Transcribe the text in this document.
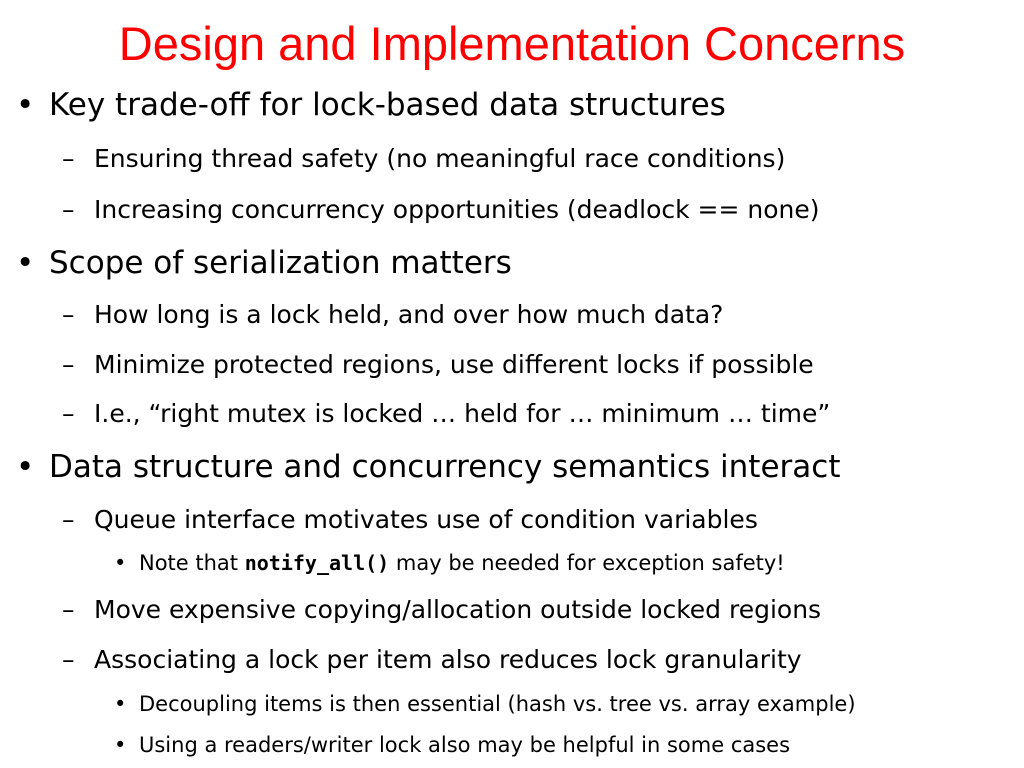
Design and Implementation Concerns
• Key trade-off for lock-based data structures
– Ensuring thread safety (no meaningful race conditions)
– Increasing concurrency opportunities (deadlock == none)
• Scope of serialization matters
– How long is a lock held, and over how much data?
– Minimize protected regions, use different locks if possible
– I.e., “right mutex is locked … held for … minimum … time”
• Data structure and concurrency semantics interact
– Queue interface motivates use of condition variables
• Note that notify_all() may be needed for exception safety!
– Move expensive copying/allocation outside locked regions
– Associating a lock per item also reduces lock granularity
• Decoupling items is then essential (hash vs. tree vs. array example)
• Using a readers/writer lock also may be helpful in some cases
